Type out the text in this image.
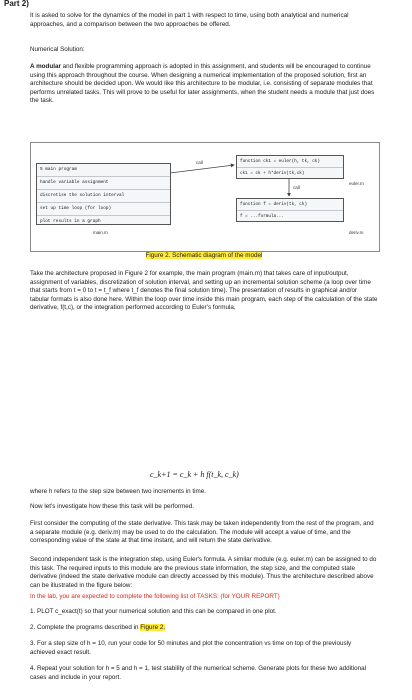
Part 2)
It is asked to solve for the dynamics of the model in part 1 with respect to time, using both analytical and numerical approaches, and a comparison between the two approaches be offered.
Numerical Solution:
A modular and flexible programming approach is adopted in this assignment, and students will be encouraged to continue using this approach throughout the course. When designing a numerical implementation of the proposed solution, first an architecture should be decided upon. We would like this architecture to be modular, i.e. consisting of separate modules that performs unrelated tasks. This will prove to be useful for later assignments, when the student needs a module that just does the task.
% main program
handle variable assignment
discretise the solution interval
set up time loop (for loop)
plot results in a graph
main.m
call
call
function ck1 = euler(h, tk, ck)
ck1 = ck + h*deriv(tk,ck)
euler.m
function f = deriv(tk, ck)
f = ...formula...
deriv.m
Figure 2. Schematic diagram of the model
Take the architecture proposed in Figure 2 for example, the main program (main.m) that takes care of input/output, assignment of variables, discretization of solution interval, and setting up an incremental solution scheme (a loop over time that starts from t = 0 to t = t_f where t_f denotes the final solution time). The presentation of results in graphical and/or tabular formats is also done here. Within the loop over time inside this main program, each step of the calculation of the state derivative, f(t,c), or the integration performed according to Euler's formula,
c_k+1 = c_k + h f(t_k, c_k)
where h refers to the step size between two increments in time.
Now let's investigate how these this task will be performed.
First consider the computing of the state derivative. This task may be taken independently from the rest of the program, and a separate module (e.g. deriv.m) may be used to do the calculation. The module will accept a value of time, and the corresponding value of the state at that time instant, and will return the state derivative.
Second independent task is the integration step, using Euler's formula. A similar module (e.g. euler.m) can be assigned to do this task. The required inputs to this module are the previous state information, the step size, and the computed state derivative (indeed the state derivative module can directly accessed by this module). Thus the architecture described above can be illustrated in the figure below:
In the lab, you are expected to complete the following list of TASKS: (for YOUR REPORT)
1. PLOT c_exact(t) so that your numerical solution and this can be compared in one plot.
2. Complete the programs described in Figure 2.
3. For a step size of h = 10, run your code for 50 minutes and plot the concentration vs time on top of the previously achieved exact result.
4. Repeat your solution for h = 5 and h = 1, test stability of the numerical scheme. Generate plots for these two additional cases and include in your report.
